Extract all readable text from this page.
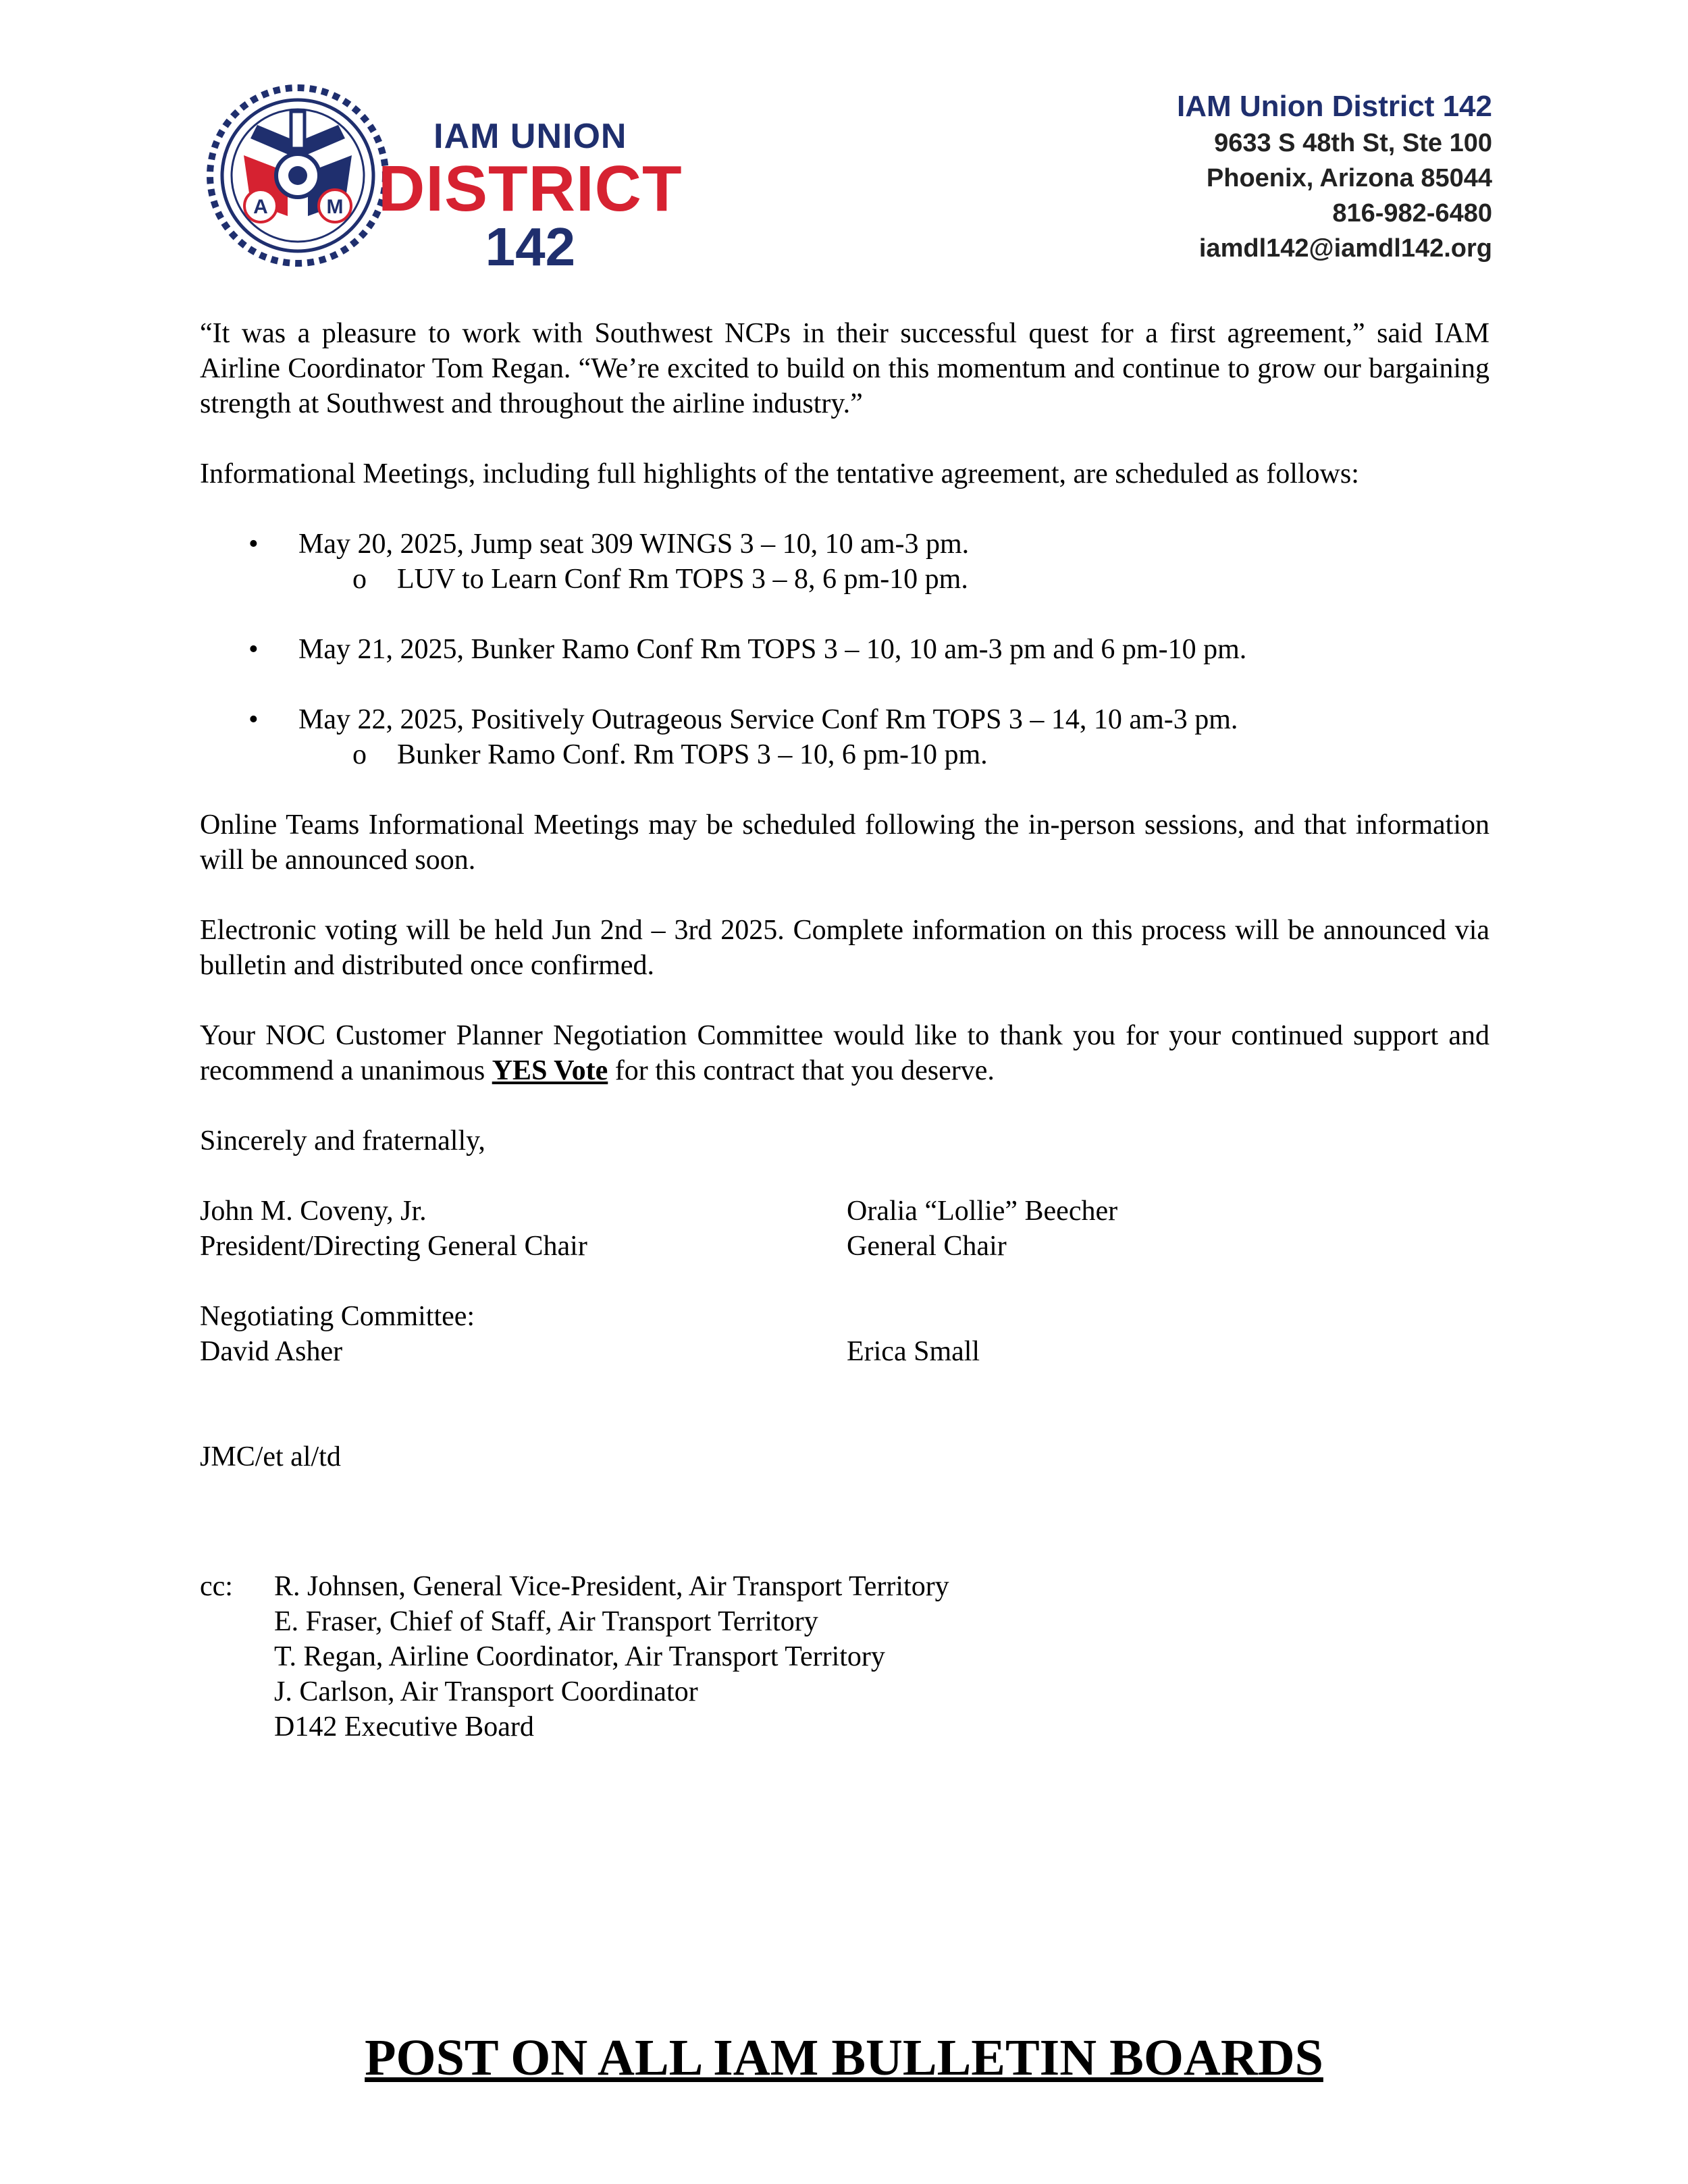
A	M
IAM UNION
DISTRICT
142
IAM Union District 142
9633 S 48th St, Ste 100
Phoenix, Arizona 85044
816-982-6480
iamdl142@iamdl142.org

“It was a pleasure to work with Southwest NCPs in their successful quest for a first agreement,” said IAM Airline Coordinator Tom Regan. “We’re excited to build on this momentum and continue to grow our bargaining strength at Southwest and throughout the airline industry.”

Informational Meetings, including full highlights of the tentative agreement, are scheduled as follows:

• May 20, 2025, Jump seat 309 WINGS 3 – 10, 10 am-3 pm.
o LUV to Learn Conf Rm TOPS 3 – 8, 6 pm-10 pm.
• May 21, 2025, Bunker Ramo Conf Rm TOPS 3 – 10, 10 am-3 pm and 6 pm-10 pm.
• May 22, 2025, Positively Outrageous Service Conf Rm TOPS 3 – 14, 10 am-3 pm.
o Bunker Ramo Conf. Rm TOPS 3 – 10, 6 pm-10 pm.

Online Teams Informational Meetings may be scheduled following the in-person sessions, and that information will be announced soon.

Electronic voting will be held Jun 2nd – 3rd 2025. Complete information on this process will be announced via bulletin and distributed once confirmed.

Your NOC Customer Planner Negotiation Committee would like to thank you for your continued support and recommend a unanimous YES Vote for this contract that you deserve.

Sincerely and fraternally,

John M. Coveny, Jr.
President/Directing General Chair
Oralia “Lollie” Beecher
General Chair
Negotiating Committee:
David Asher
	Erica Small

JMC/et al/td

cc:	R. Johnsen, General Vice-President, Air Transport Territory
E. Fraser, Chief of Staff, Air Transport Territory
T. Regan, Airline Coordinator, Air Transport Territory
J. Carlson, Air Transport Coordinator
D142 Executive Board
POST ON ALL IAM BULLETIN BOARDS
